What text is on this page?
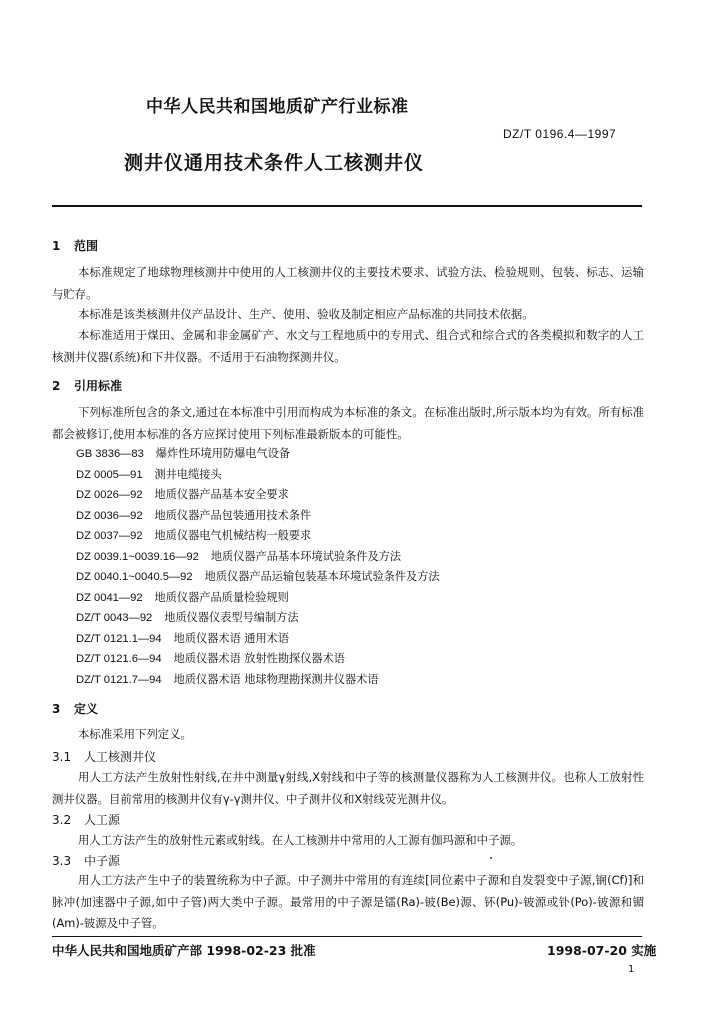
中华人民共和国地质矿产行业标准
DZ/T 0196.4—1997
测井仪通用技术条件人工核测井仪
1 范围

本标准规定了地球物理核测井中使用的人工核测井仪的主要技术要求、试验方法、检验规则、包装、标志、运输与贮存。

本标准是该类核测井仪产品设计、生产、使用、验收及制定相应产品标准的共同技术依据。

本标准适用于煤田、金属和非金属矿产、水文与工程地质中的专用式、组合式和综合式的各类模拟和数字的人工核测井仪器(系统)和下井仪器。不适用于石油物探测井仪。

2 引用标准

下列标准所包含的条文,通过在本标准中引用而构成为本标准的条文。在标准出版时,所示版本均为有效。所有标准都会被修订,使用本标准的各方应探讨使用下列标准最新版本的可能性。

GB 3836—83 爆炸性环境用防爆电气设备
DZ 0005—91 测井电缆接头
DZ 0026—92 地质仪器产品基本安全要求
DZ 0036—92 地质仪器产品包装通用技术条件
DZ 0037—92 地质仪器电气机械结构一般要求
DZ 0039.1~0039.16—92 地质仪器产品基本环境试验条件及方法
DZ 0040.1~0040.5—92 地质仪器产品运输包装基本环境试验条件及方法
DZ 0041—92 地质仪器产品质量检验规则
DZ/T 0043—92 地质仪器仪表型号编制方法
DZ/T 0121.1—94 地质仪器术语 通用术语
DZ/T 0121.6—94 地质仪器术语 放射性勘探仪器术语
DZ/T 0121.7—94 地质仪器术语 地球物理勘探测井仪器术语
3 定义

本标准采用下列定义。

3.1 人工核测井仪

用人工方法产生放射性射线,在井中测量γ射线,X射线和中子等的核测量仪器称为人工核测井仪。也称人工放射性测井仪器。目前常用的核测井仪有γ-γ测井仪、中子测井仪和X射线荧光测井仪。

3.2 人工源

用人工方法产生的放射性元素或射线。在人工核测井中常用的人工源有伽玛源和中子源。

3.3 中子源

用人工方法产生中子的装置统称为中子源。中子测井中常用的有连续[同位素中子源和自发裂变中子源,锎(Cf)]和脉冲(加速器中子源,如中子管)两大类中子源。最常用的中子源是镭(Ra)-铍(Be)源、钚(Pu)-铍源或钋(Po)-铍源和镅(Am)-铍源及中子管。

中华人民共和国地质矿产部 1998-02-23 批准	1998-07-20 实施
1
